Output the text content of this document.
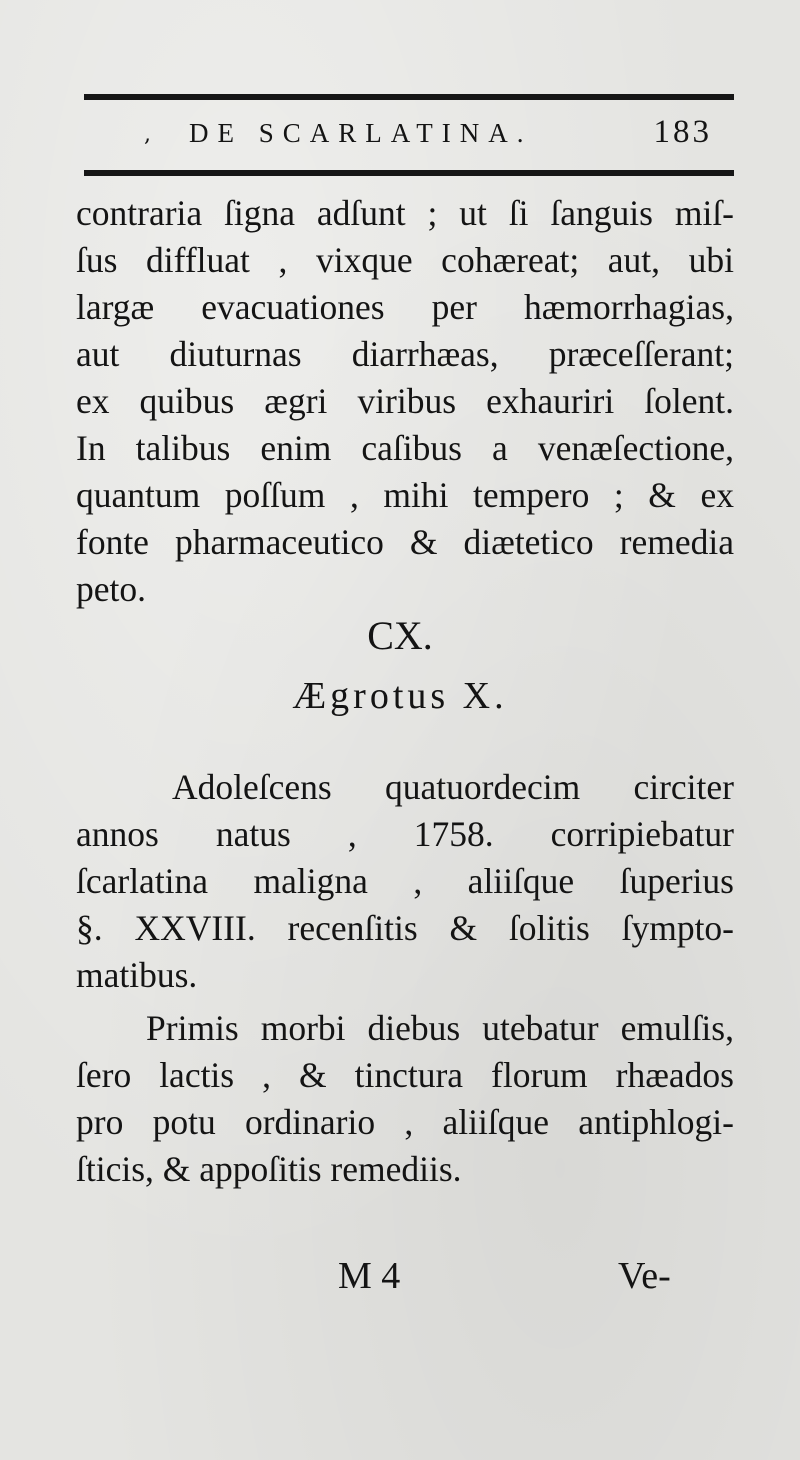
, DE SCARLATINA.	183
contraria ſigna adſunt ; ut ſi ſanguis miſ-
ſus diffluat , vixque cohæreat; aut, ubi
largæ evacuationes per hæmorrhagias,
aut diuturnas diarrhæas, præceſſerant;
ex quibus ægri viribus exhauriri ſolent.
In talibus enim caſibus a venæſectione,
quantum poſſum , mihi tempero ; & ex
fonte pharmaceutico & diætetico remedia
peto.
CX.
Ægrotus X.
Adoleſcens quatuordecim circiter
annos natus , 1758. corripiebatur
ſcarlatina maligna , aliiſque ſuperius
§. XXVIII. recenſitis & ſolitis ſympto-
matibus.
Primis morbi diebus utebatur emulſis,
ſero lactis , & tinctura florum rhæados
pro potu ordinario , aliiſque antiphlogi-
ſticis, & appoſitis remediis.
M 4	Ve-
